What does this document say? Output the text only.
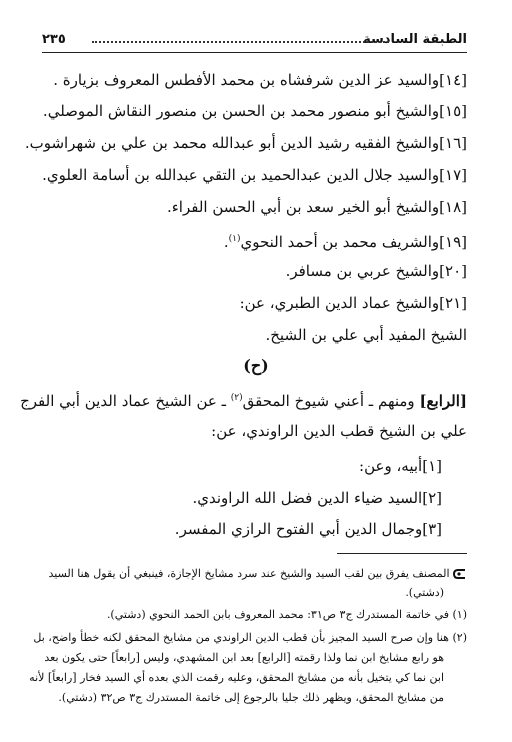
الطبقة السادسة
٢٣٥
[١٤]والسيد عز الدين شرفشاه بن محمد الأفطس المعروف بزيارة .
[١٥]والشيخ أبو منصور محمد بن الحسن بن منصور النقاش الموصلي.
[١٦]والشيخ الفقيه رشيد الدين أبو عبدالله محمد بن علي بن شهراشوب.
[١٧]والسيد جلال الدين عبدالحميد بن التقي عبدالله بن أسامة العلوي.
[١٨]والشيخ أبو الخير سعد بن أبي الحسن الفراء.
[١٩]والشريف محمد بن أحمد النحوي$^{(١)}$.
[٢٠]والشيخ عربي بن مسافر.
[٢١]والشيخ عماد الدين الطبري، عن:
الشيخ المفيد أبي علي بن الشيخ.
(ح)
[الرابع] ومنهم ـ أعني شيوخ المحقق$^{(٢)}$ ـ عن الشيخ عماد الدين أبي الفرج
علي بن الشيخ قطب الدين الراوندي، عن:
[١]أبيه، وعن:
[٢]السيد ضياء الدين فضل الله الراوندي.
[٣]وجمال الدين أبي الفتوح الرازي المفسر.
المصنف يفرق بين لقب السيد والشيخ عند سرد مشايخ الإجازة، فينبغي أن يقول هنا السيد
(دشتي).
(١) في خاتمة المستدرك ج٣ ص٣١: محمد المعروف بابن الحمد النحوي (دشتي).
(٢) هنا وإن صرح السيد المجيز بأن قطب الدين الراوندي من مشايخ المحقق لكنه خطأ واضح، بل
هو رابع مشايخ ابن نما ولذا رقمته [الرابع] بعد ابن المشهدي، وليس [رابعاً] حتى يكون بعد
ابن نما كي يتخيل بأنه من مشايخ المحقق، وعليه رقمت الذي بعده أي السيد فخار [رابعاً] لأنه
من مشايخ المحقق، ويظهر ذلك جليا بالرجوع إلى خاتمة المستدرك ج٣ ص٣٢ (دشتي).
